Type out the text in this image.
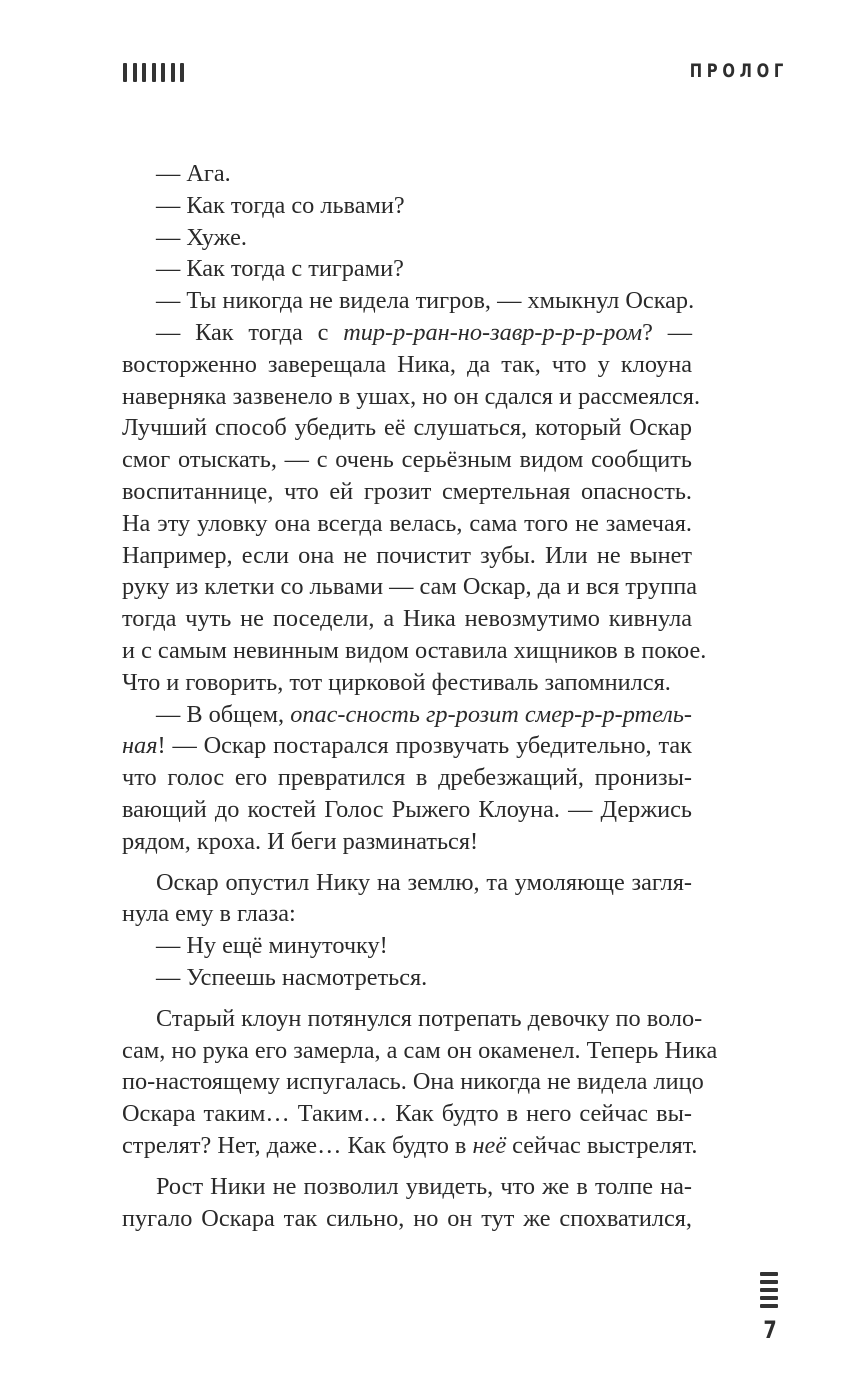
ПРОЛОГ
— Ага.
— Как тогда со львами?
— Хуже.
— Как тогда с тиграми?
— Ты никогда не видела тигров, — хмыкнул Оскар.
— Как тогда с тир-р-ран-но-завр-р-р-р-ром? —
восторженно заверещала Ника, да так, что у клоуна
наверняка зазвенело в ушах, но он сдался и рассмеялся.
Лучший способ убедить её слушаться, который Оскар
смог отыскать, — с очень серьёзным видом сообщить
воспитаннице, что ей грозит смертельная опасность.
На эту уловку она всегда велась, сама того не замечая.
Например, если она не почистит зубы. Или не вынет
руку из клетки со львами — сам Оскар, да и вся труппа
тогда чуть не поседели, а Ника невозмутимо кивнула
и с самым невинным видом оставила хищников в покое.
Что и говорить, тот цирковой фестиваль запомнился.
— В общем, опас-сность гр-розит смер-р-р-ртель-
ная! — Оскар постарался прозвучать убедительно, так
что голос его превратился в дребезжащий, пронизы-
вающий до костей Голос Рыжего Клоуна. — Держись
рядом, кроха. И беги разминаться!
Оскар опустил Нику на землю, та умоляюще загля-
нула ему в глаза:
— Ну ещё минуточку!
— Успеешь насмотреться.
Старый клоун потянулся потрепать девочку по воло-
сам, но рука его замерла, а сам он окаменел. Теперь Ника
по-настоящему испугалась. Она никогда не видела лицо
Оскара таким… Таким… Как будто в него сейчас вы-
стрелят? Нет, даже… Как будто в неё сейчас выстрелят.
Рост Ники не позволил увидеть, что же в толпе на-
пугало Оскара так сильно, но он тут же спохватился,
7
